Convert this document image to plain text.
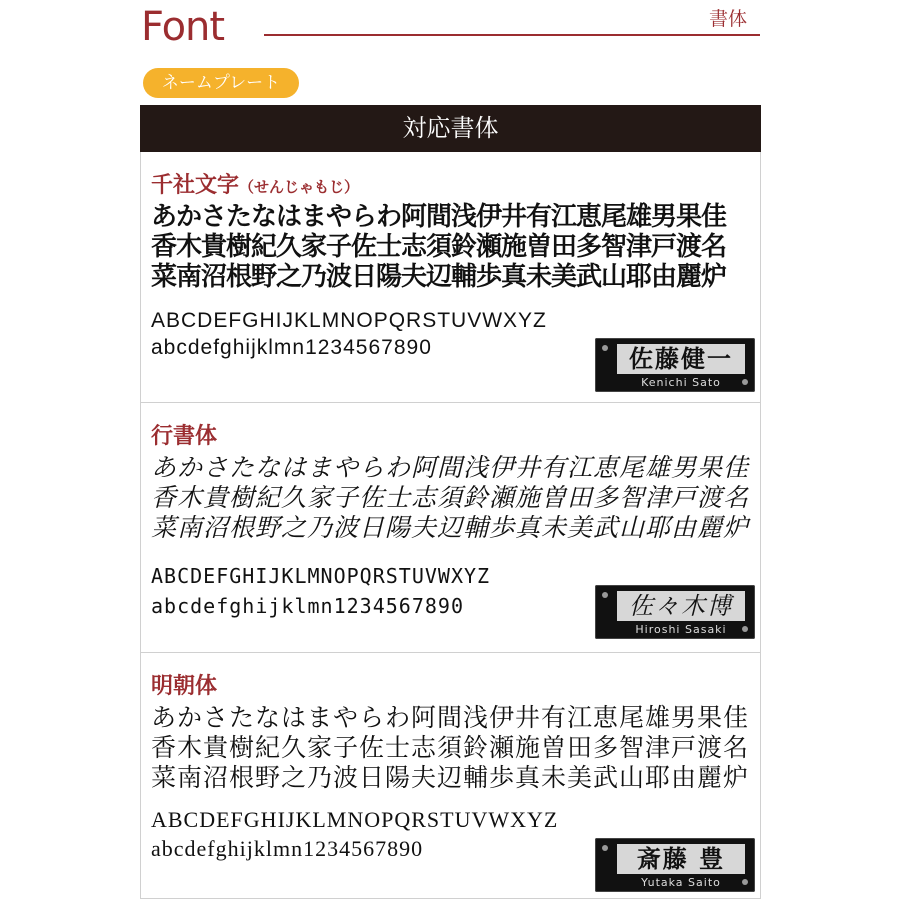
Font	書体
ネームプレート
対応書体
千社文字（せんじゃもじ）
あかさたなはまやらわ阿間浅伊井有江恵尾雄男果佳
香木貴樹紀久家子佐士志須鈴瀬施曽田多智津戸渡名
菜南沼根野之乃波日陽夫辺輔歩真未美武山耶由麗炉
ABCDEFGHIJKLMNOPQRSTUVWXYZ
abcdefghijklmn1234567890	佐藤健一
Kenichi Sato
行書体
あかさたなはまやらわ阿間浅伊井有江恵尾雄男果佳
香木貴樹紀久家子佐士志須鈴瀬施曽田多智津戸渡名
菜南沼根野之乃波日陽夫辺輔歩真未美武山耶由麗炉
ABCDEFGHIJKLMNOPQRSTUVWXYZ
abcdefghijklmn1234567890	佐々木博
Hiroshi Sasaki
明朝体
あかさたなはまやらわ阿間浅伊井有江恵尾雄男果佳
香木貴樹紀久家子佐士志須鈴瀬施曽田多智津戸渡名
菜南沼根野之乃波日陽夫辺輔歩真未美武山耶由麗炉
ABCDEFGHIJKLMNOPQRSTUVWXYZ
abcdefghijklmn1234567890	斎藤 豊
Yutaka Saito
